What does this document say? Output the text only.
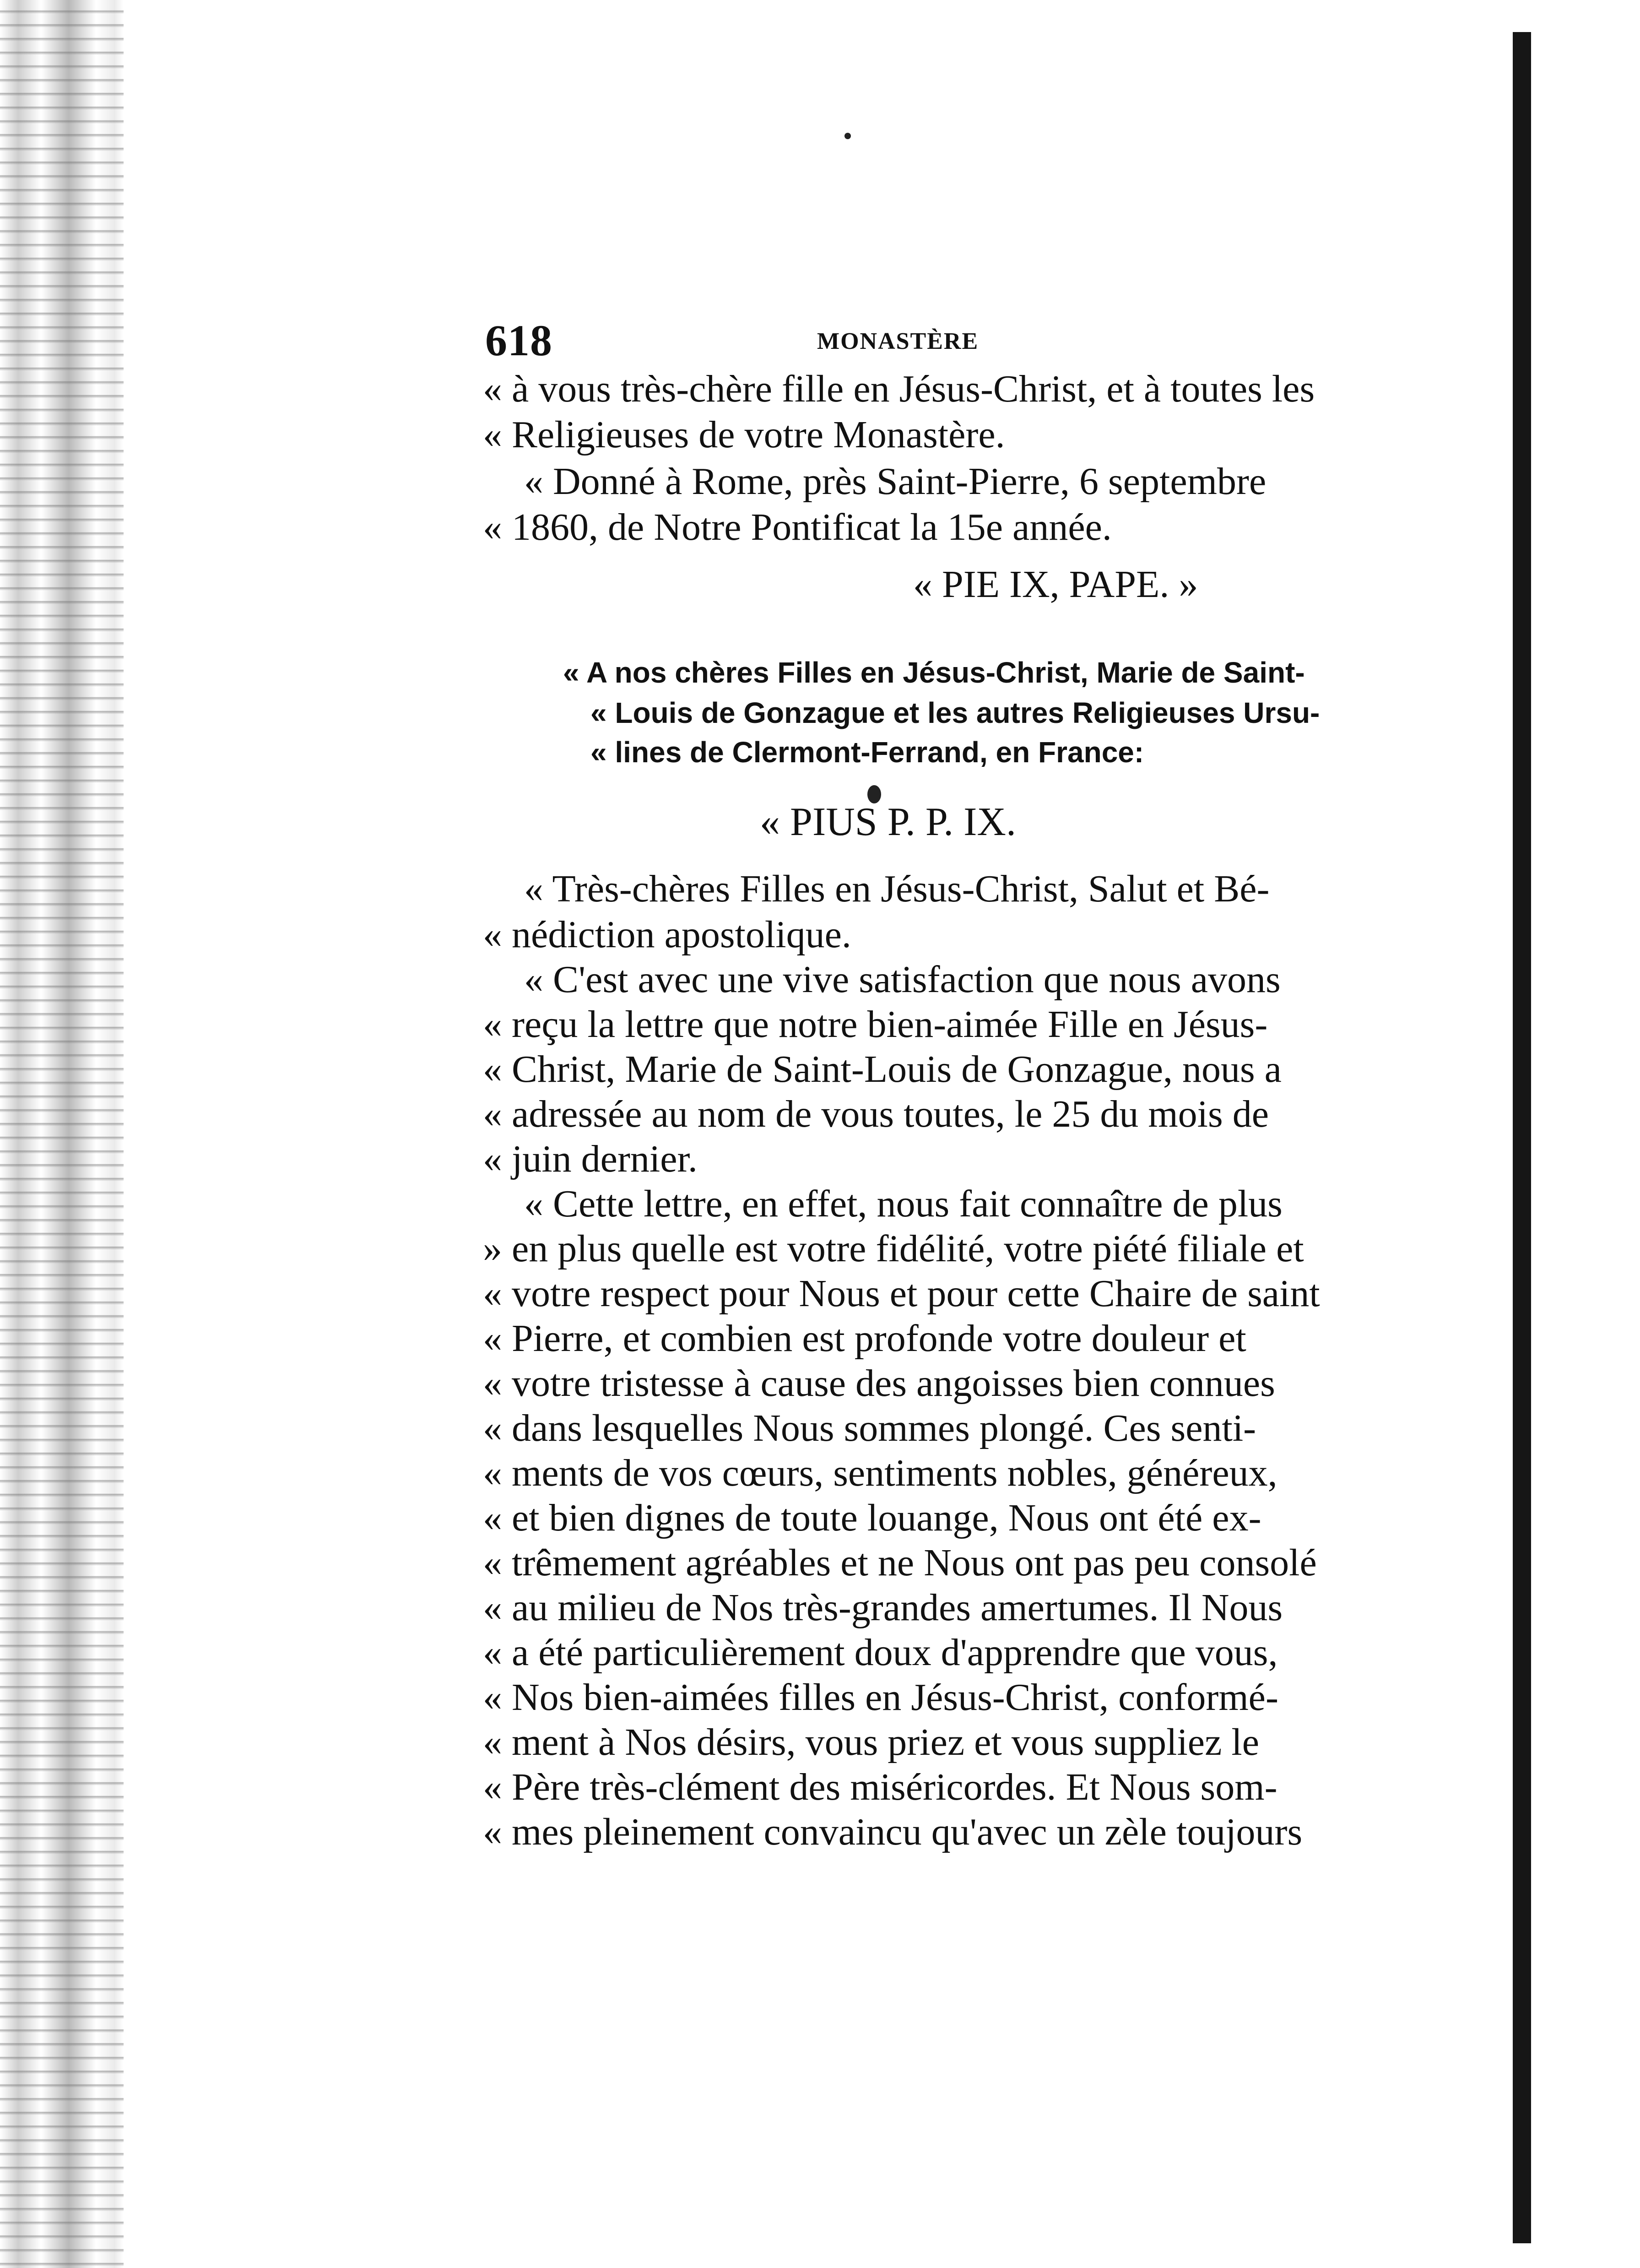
618	MONASTÈRE
« à vous très-chère fille en Jésus-Christ, et à toutes les
« Religieuses de votre Monastère.
« Donné à Rome, près Saint-Pierre, 6 septembre
« 1860, de Notre Pontificat la 15e année.
« PIE IX, PAPE. »
« A nos chères Filles en Jésus-Christ, Marie de Saint-
« Louis de Gonzague et les autres Religieuses Ursu-
« lines de Clermont-Ferrand, en France:
« PIUS P. P. IX.
« Très-chères Filles en Jésus-Christ, Salut et Bé-
« nédiction apostolique.
« C'est avec une vive satisfaction que nous avons
« reçu la lettre que notre bien-aimée Fille en Jésus-
« Christ, Marie de Saint-Louis de Gonzague, nous a
« adressée au nom de vous toutes, le 25 du mois de
« juin dernier.
« Cette lettre, en effet, nous fait connaître de plus
» en plus quelle est votre fidélité, votre piété filiale et
« votre respect pour Nous et pour cette Chaire de saint
« Pierre, et combien est profonde votre douleur et
« votre tristesse à cause des angoisses bien connues
« dans lesquelles Nous sommes plongé. Ces senti-
« ments de vos cœurs, sentiments nobles, généreux,
« et bien dignes de toute louange, Nous ont été ex-
« trêmement agréables et ne Nous ont pas peu consolé
« au milieu de Nos très-grandes amertumes. Il Nous
« a été particulièrement doux d'apprendre que vous,
« Nos bien-aimées filles en Jésus-Christ, conformé-
« ment à Nos désirs, vous priez et vous suppliez le
« Père très-clément des miséricordes. Et Nous som-
« mes pleinement convaincu qu'avec un zèle toujours
